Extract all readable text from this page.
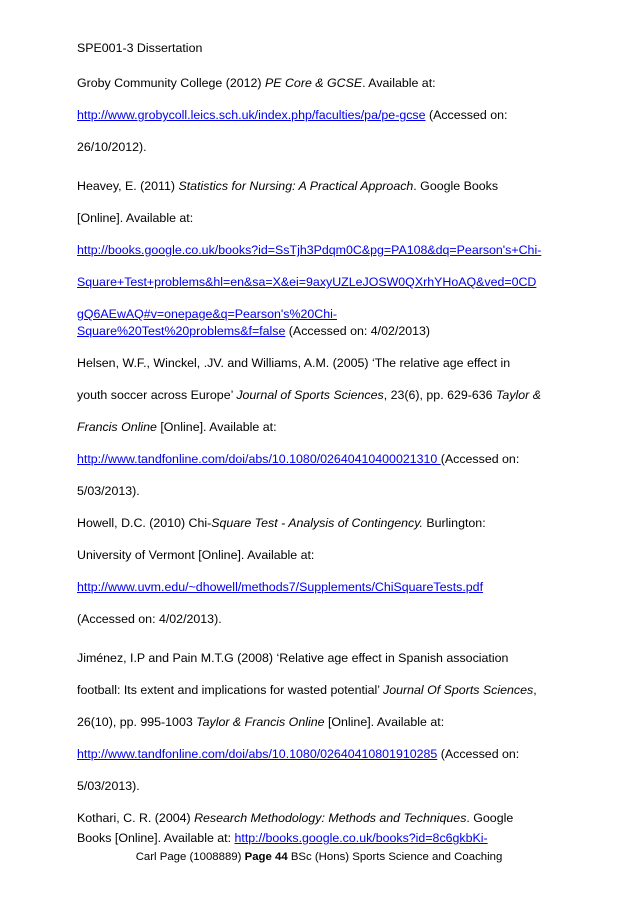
SPE001-3 Dissertation
Groby Community College (2012) PE Core & GCSE. Available at:
http://www.grobycoll.leics.sch.uk/index.php/faculties/pa/pe-gcse (Accessed on:
26/10/2012).
Heavey, E. (2011) Statistics for Nursing: A Practical Approach. Google Books
[Online]. Available at:
http://books.google.co.uk/books?id=SsTjh3Pdqm0C&pg=PA108&dq=Pearson's+Chi-
Square+Test+problems&hl=en&sa=X&ei=9axyUZLeJOSW0QXrhYHoAQ&ved=0CD
gQ6AEwAQ#v=onepage&q=Pearson's%20Chi-
Square%20Test%20problems&f=false (Accessed on: 4/02/2013)
Helsen, W.F., Winckel, .JV. and Williams, A.M. (2005) ‘The relative age effect in
youth soccer across Europe’ Journal of Sports Sciences, 23(6), pp. 629-636 Taylor &
Francis Online [Online]. Available at:
http://www.tandfonline.com/doi/abs/10.1080/02640410400021310 (Accessed on:
5/03/2013).
Howell, D.C. (2010) Chi-Square Test - Analysis of Contingency. Burlington:
University of Vermont [Online]. Available at:
http://www.uvm.edu/~dhowell/methods7/Supplements/ChiSquareTests.pdf
(Accessed on: 4/02/2013).
Jiménez, I.P and Pain M.T.G (2008) ‘Relative age effect in Spanish association
football: Its extent and implications for wasted potential’ Journal Of Sports Sciences,
26(10), pp. 995-1003 Taylor & Francis Online [Online]. Available at:
http://www.tandfonline.com/doi/abs/10.1080/02640410801910285 (Accessed on:
5/03/2013).
Kothari, C. R. (2004) Research Methodology: Methods and Techniques. Google
Books [Online]. Available at: http://books.google.co.uk/books?id=8c6gkbKi-
Carl Page (1008889) Page 44 BSc (Hons) Sports Science and Coaching
